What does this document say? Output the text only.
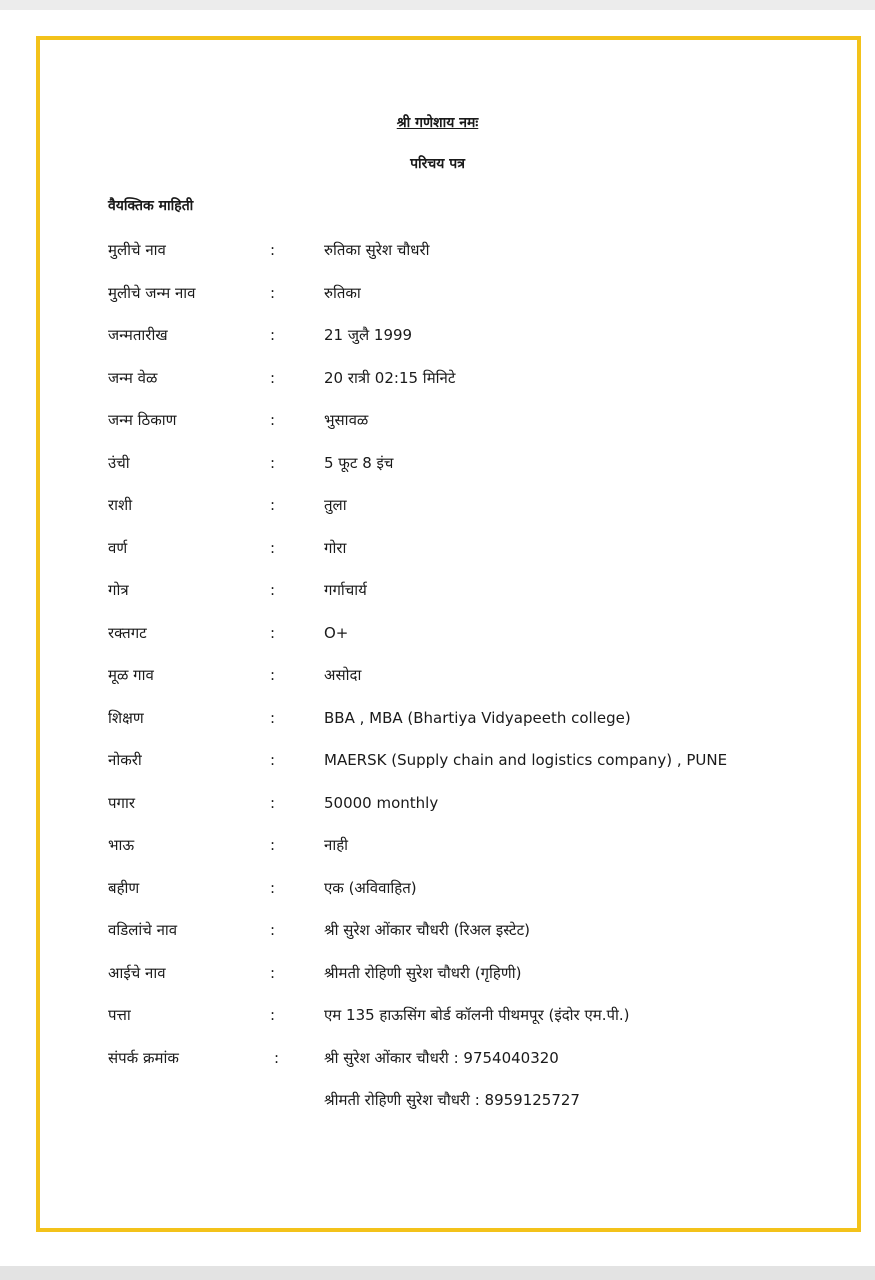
श्री गणेशाय नमः
परिचय पत्र
वैयक्तिक माहिती
मुलीचे नाव	:	रुतिका सुरेश चौधरी
मुलीचे जन्म नाव	:	रुतिका
जन्मतारीख	:	21 जुलै 1999
जन्म वेळ	:	20 रात्री 02:15 मिनिटे
जन्म ठिकाण	:	भुसावळ
उंची	:	5 फूट 8 इंच
राशी	:	तुला
वर्ण	:	गोरा
गोत्र	:	गर्गाचार्य
रक्तगट	:	O+
मूळ गाव	:	असोदा
शिक्षण	:	BBA , MBA (Bhartiya Vidyapeeth college)
नोकरी	:	MAERSK (Supply chain and logistics company) , PUNE
पगार	:	50000 monthly
भाऊ	:	नाही
बहीण	:	एक (अविवाहित)
वडिलांचे नाव	:	श्री सुरेश ओंकार चौधरी (रिअल इस्टेट)
आईचे नाव	:	श्रीमती रोहिणी सुरेश चौधरी (गृहिणी)
पत्ता	:	एम 135 हाऊसिंग बोर्ड कॉलनी पीथमपूर (इंदोर एम.पी.)
संपर्क क्रमांक	:	श्री सुरेश ओंकार चौधरी : 9754040320
श्रीमती रोहिणी सुरेश चौधरी : 8959125727
